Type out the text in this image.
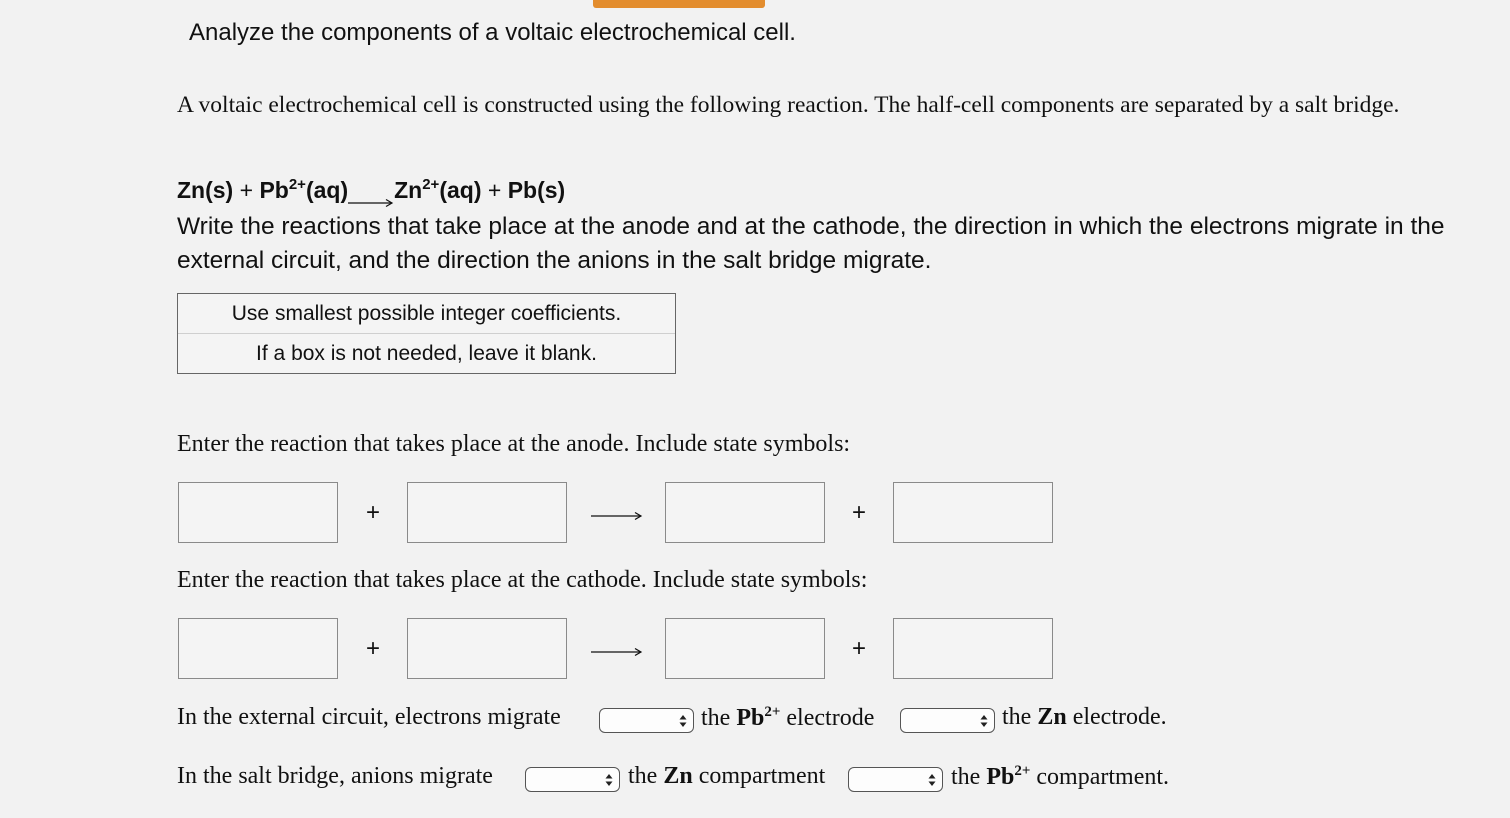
Analyze the components of a voltaic electrochemical cell.
A voltaic electrochemical cell is constructed using the following reaction. The half-cell components are separated by a salt bridge.
$Zn(s) + Pb^{2+}(aq)\to Zn^{2+}(aq) + Pb(s)$
Write the reactions that take place at the anode and at the cathode, the direction in which the electrons migrate in the external circuit, and the direction the anions in the salt bridge migrate.
Use smallest possible integer coefficients.
If a box is not needed, leave it blank.
Enter the reaction that takes place at the anode. Include state symbols:
+	+
Enter the reaction that takes place at the cathode. Include state symbols:
+	+
In the external circuit, electrons migrate	the $Pb^{2+}$ electrode	the Zn electrode.
In the salt bridge, anions migrate	the Zn compartment	the $Pb^{2+}$ compartment.
